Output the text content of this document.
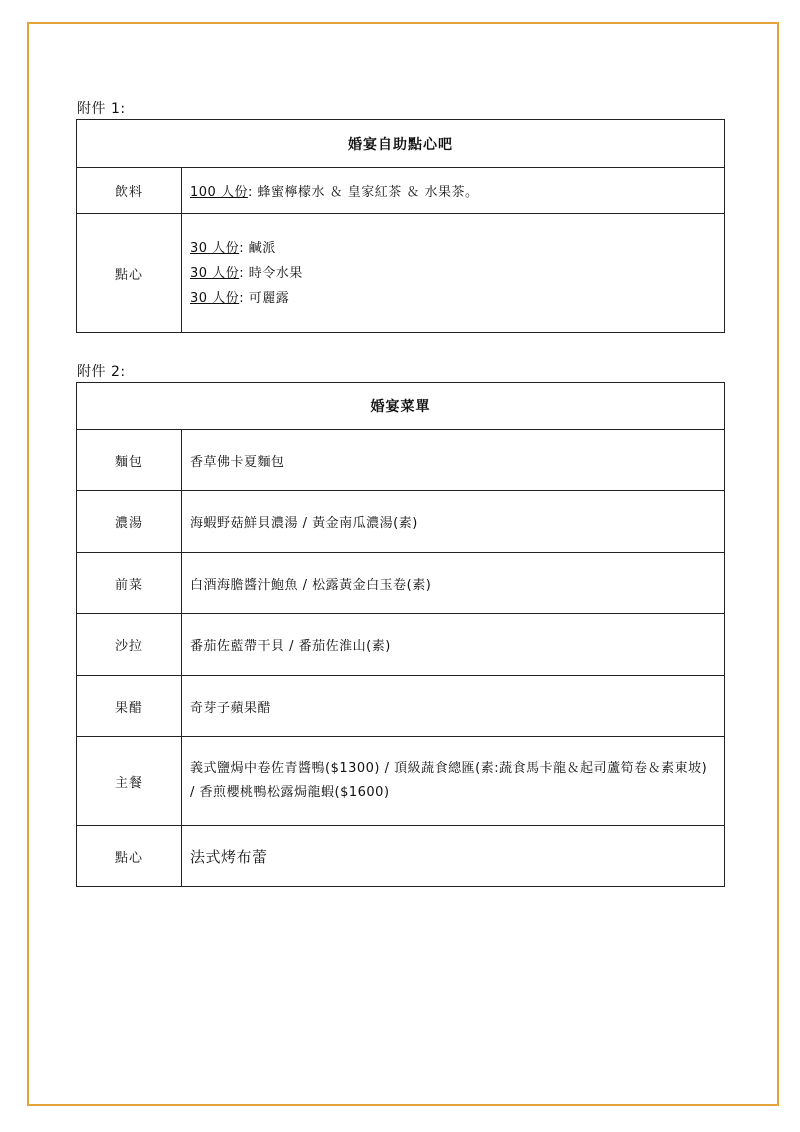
附件 1:
婚宴自助點心吧	
飲料	100 人份: 蜂蜜檸檬水 ＆ 皇家紅茶 ＆ 水果茶。
點心	30 人份: 鹹派
30 人份: 時令水果
30 人份: 可麗露
附件 2:
婚宴菜單	
麵包	香草佛卡夏麵包
濃湯	海蝦野菇鮮貝濃湯 / 黃金南瓜濃湯(素)
前菜	白酒海膽醬汁鮑魚 / 松露黃金白玉卷(素)
沙拉	番茄佐藍帶干貝 / 番茄佐淮山(素)
果醋	奇芽子蘋果醋
主餐	義式鹽焗中卷佐青醬鴨($1300) / 頂級蔬食總匯(素:蔬食馬卡龍＆起司蘆筍卷＆素東坡) / 香煎櫻桃鴨松露焗龍蝦($1600)
點心	法式烤布蕾
